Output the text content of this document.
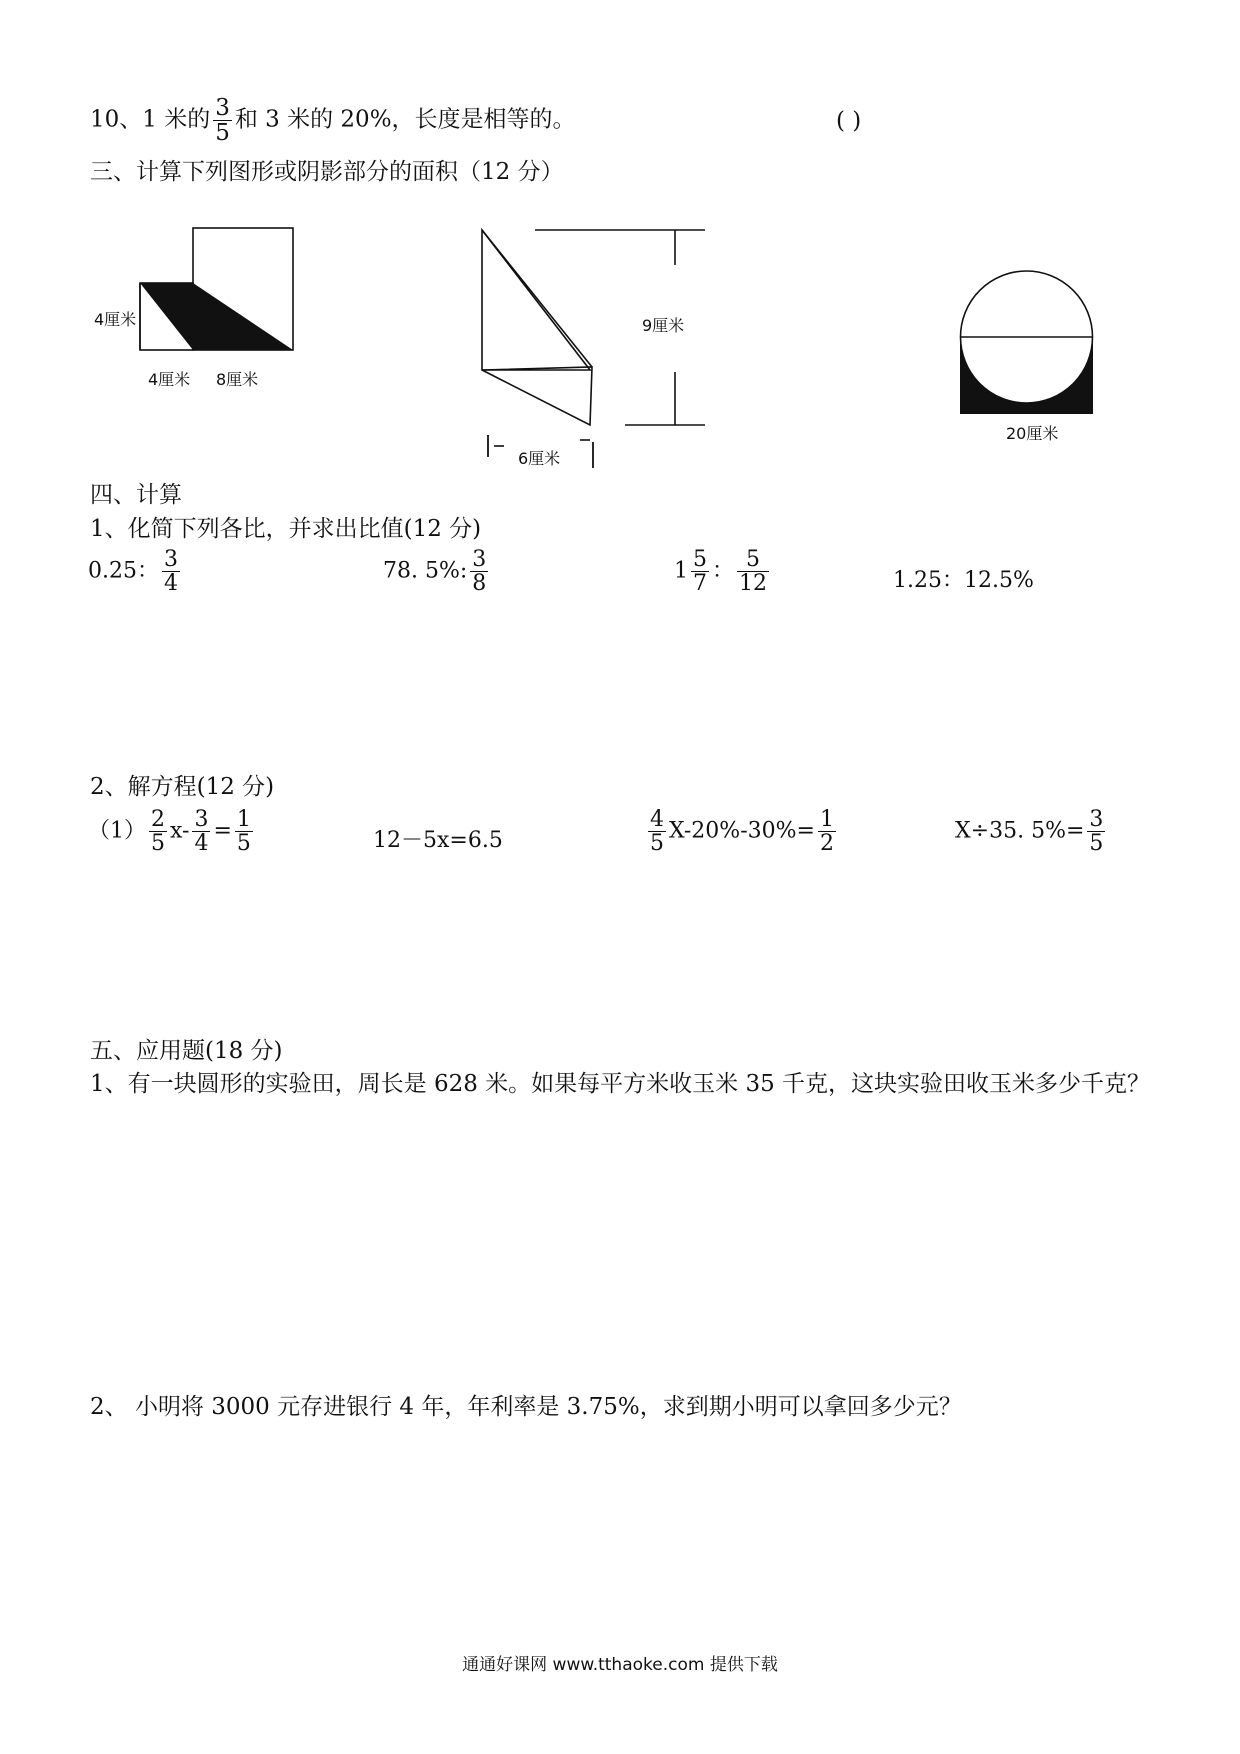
10、1 米的 $\frac{3}{5}$ 和 3 米的 20%，长度是相等的。	( )
三、计算下列图形或阴影部分的面积（12 分）
4厘米
4厘米 8厘米
9厘米
6厘米
20厘米
四、计算
1、化简下列各比，并求出比值(12 分)
0.25： $\frac{3}{4}$	78. 5%: $\frac{3}{8}$	$1 \frac{5}{7}$ ： $\frac{5}{12}$	1.25：12.5%
2、解方程(12 分)
$(1) \frac{2}{5} x- \frac{3}{4} = \frac{1}{5}$	12－5x=6.5	$\frac{4}{5} X-20\%-30\%= \frac{1}{2}$	X÷35. $5\%= \frac{3}{5}$
五、应用题(18 分)
1、有一块圆形的实验田，周长是 628 米。如果每平方米收玉米 35 千克，这块实验田收玉米多少千克？
2、 小明将 3000 元存进银行 4 年，年利率是 3.75%，求到期小明可以拿回多少元？
通通好课网 www.tthaoke.com 提供下载
